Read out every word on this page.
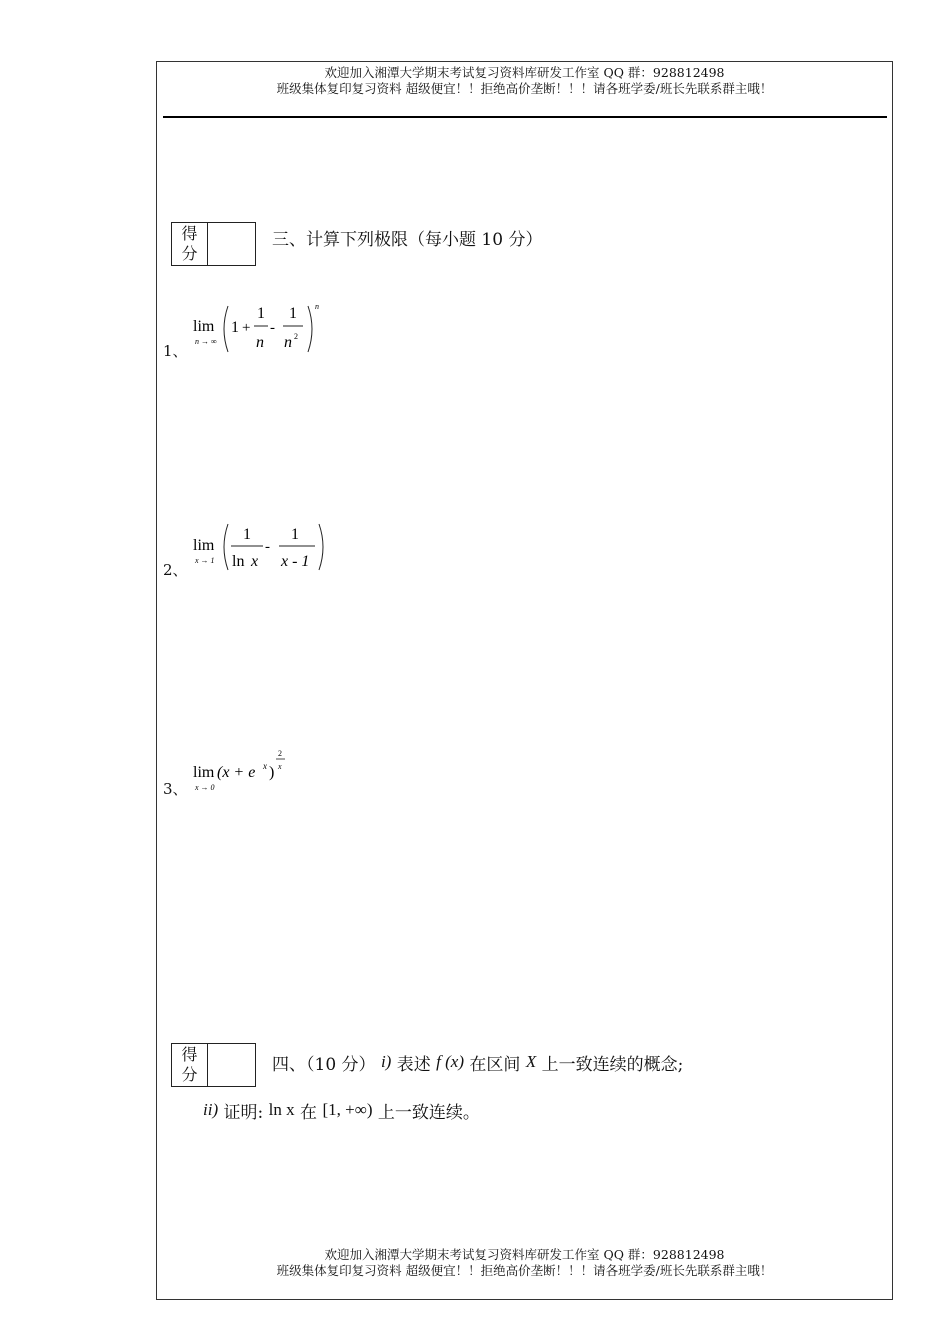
欢迎加入湘潭大学期末考试复习资料库研发工作室 QQ 群：928812498
班级集体复印复习资料 超级便宜！！拒绝高价垄断！！！请各班学委/班长先联系群主哦！
得
分
三、计算下列极限（每小题 10 分）
1、
lim
n → ∞
1 +
1
n
-
1
n 2
n
2、
lim
x → 1
1
ln x
-
1
x - 1
3、
lim
x → 0
(x + e x )
2
x
得
分	四、（10 分） i) 表述 f (x) 在区间 X 上一致连续的概念;
ii) 证明: ln x 在 [1, +∞) 上一致连续。
欢迎加入湘潭大学期末考试复习资料库研发工作室 QQ 群：928812498
班级集体复印复习资料 超级便宜！！拒绝高价垄断！！！请各班学委/班长先联系群主哦！
